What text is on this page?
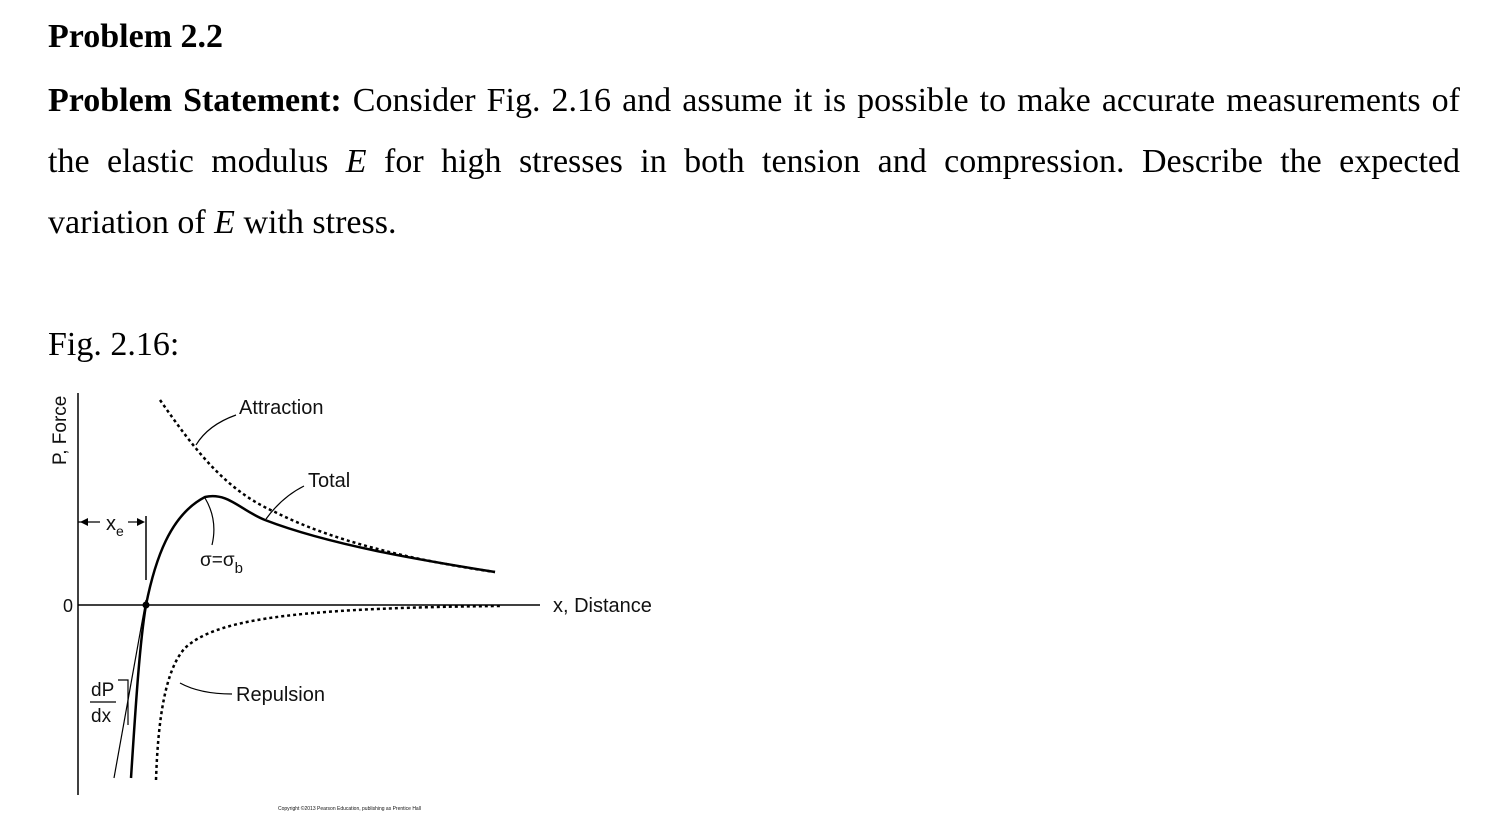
Problem 2.2
Problem Statement: Consider Fig. 2.16 and assume it is possible to make accurate measurements of the elastic modulus E for high stresses in both tension and compression. Describe the expected variation of E with stress.
Fig. 2.16:
P, Force
0	x, Distance
Attraction
Total
Repulsion
$x_e$
$\sigma=\sigma_b$
dP
dx
Copyright ©2013 Pearson Education, publishing as Prentice Hall
